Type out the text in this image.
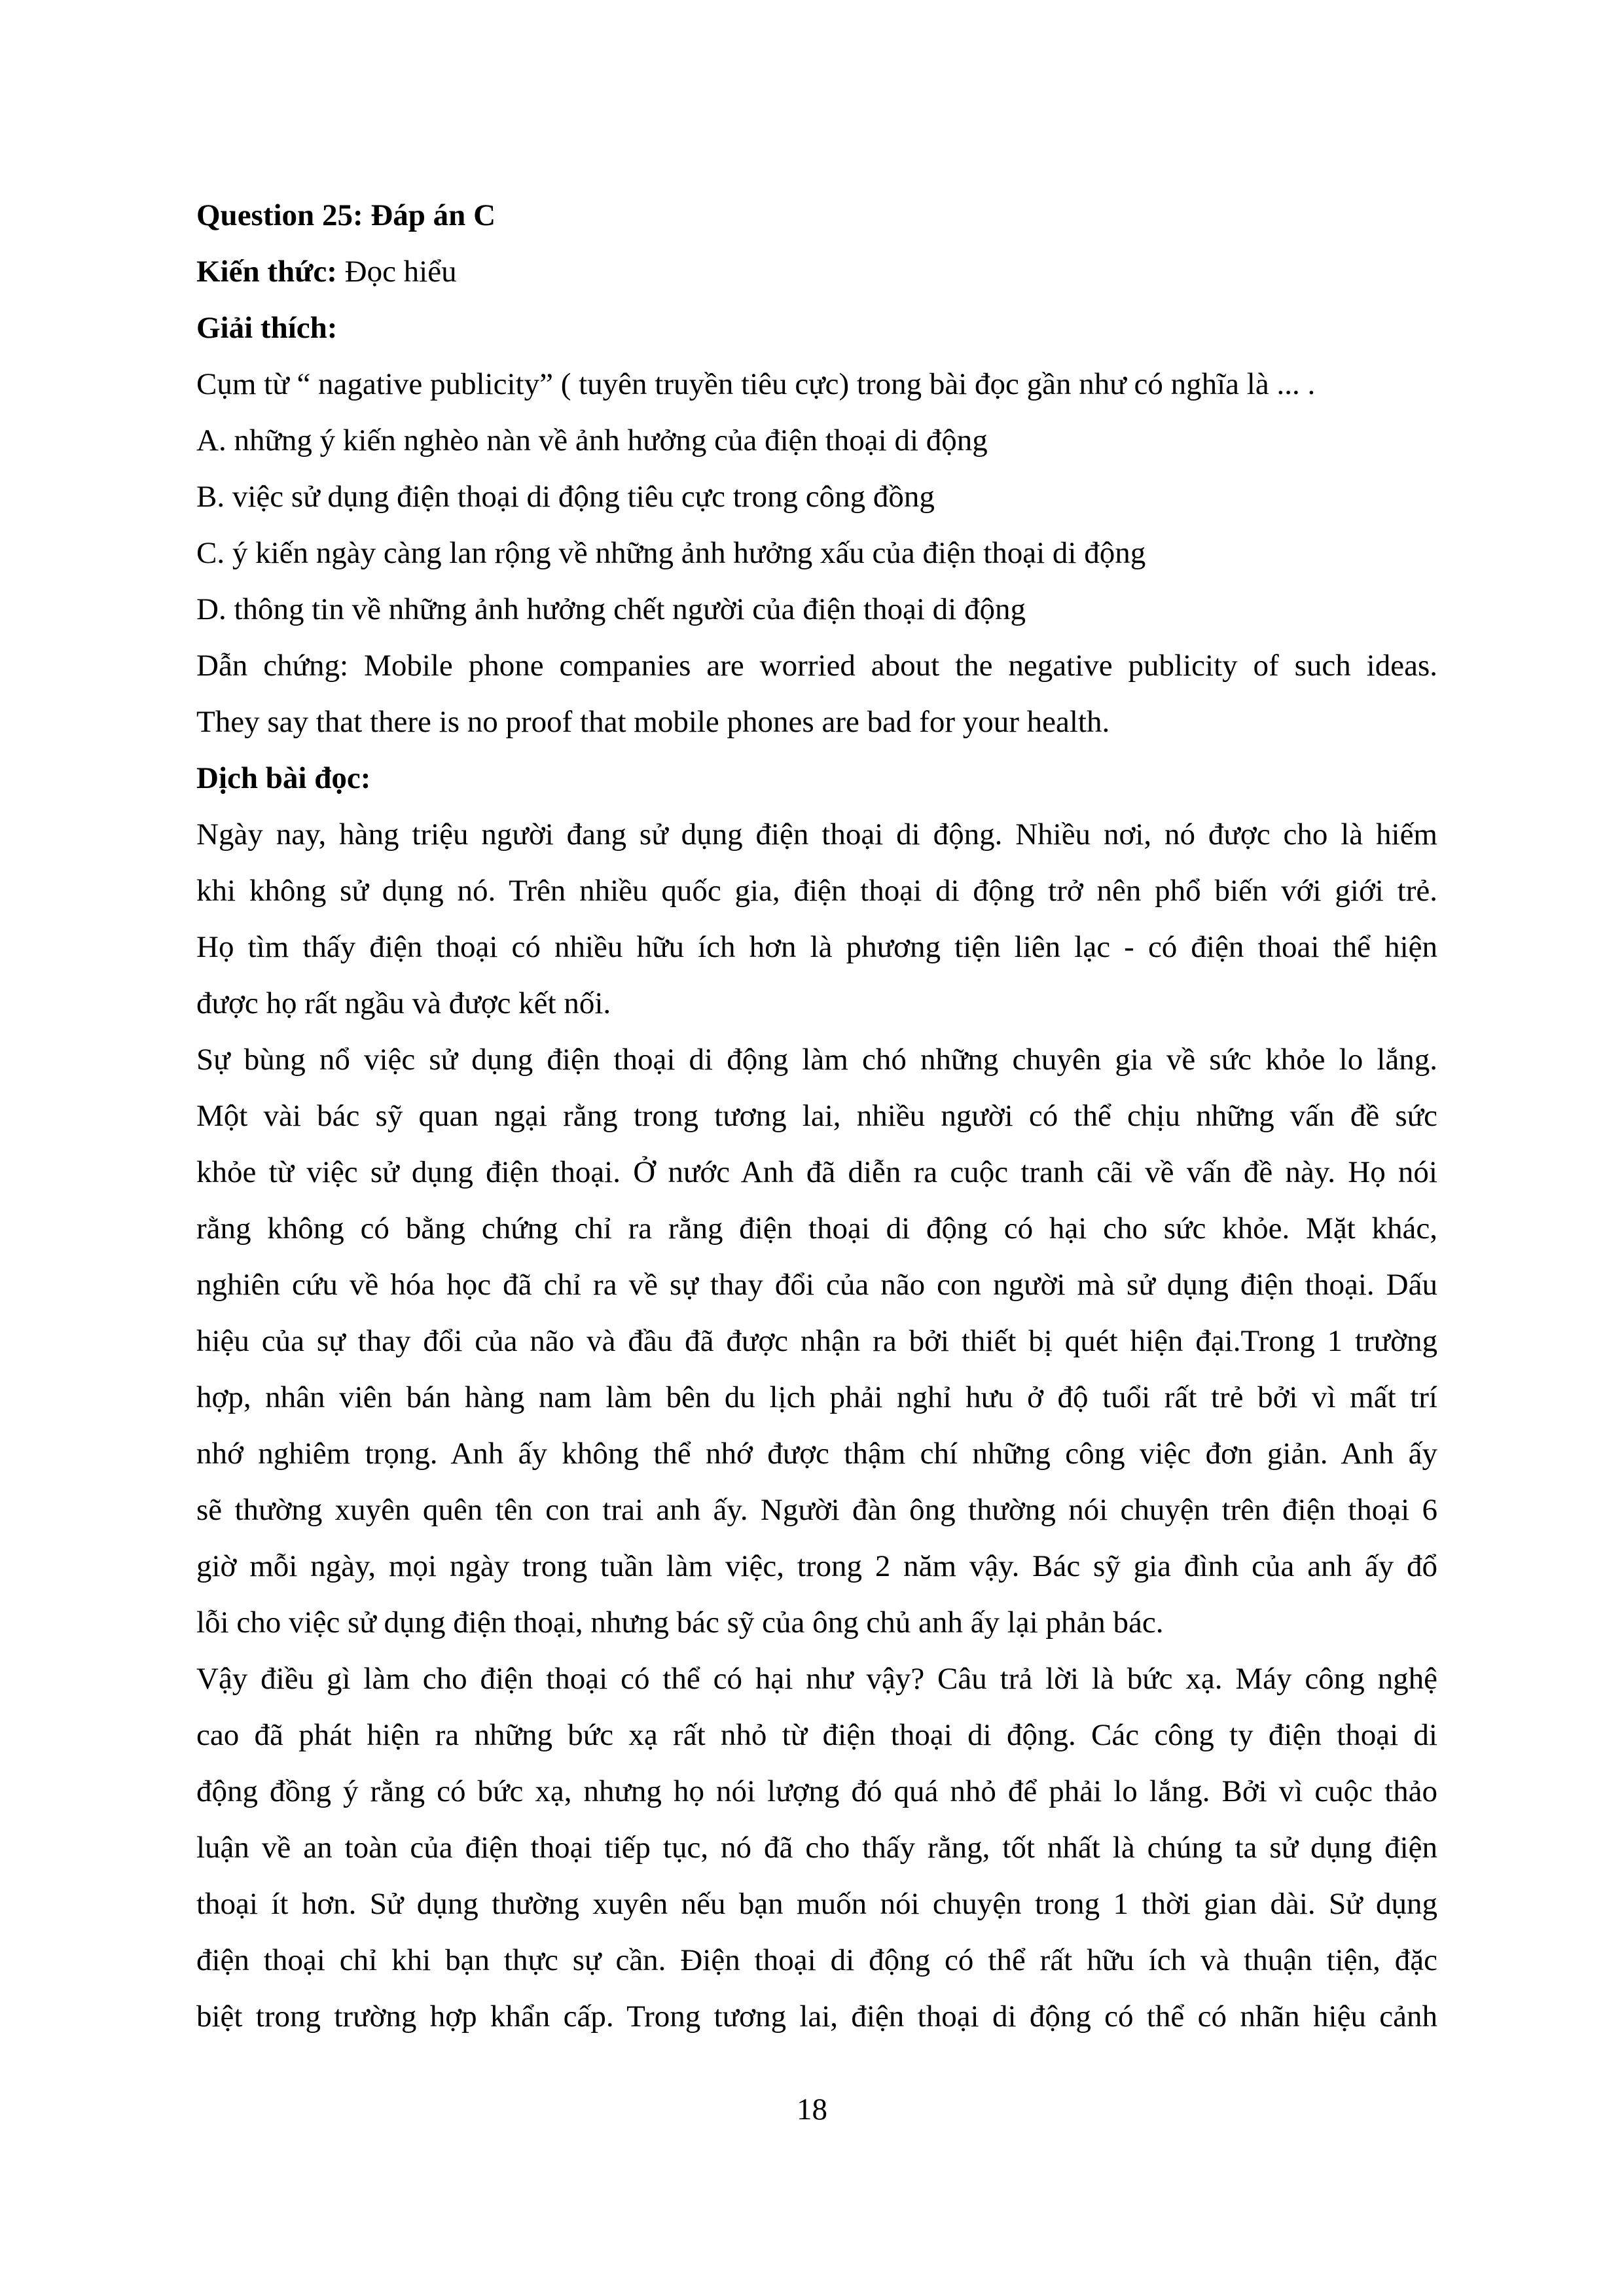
Question 25: Đáp án C
Kiến thức: Đọc hiểu
Giải thích:
Cụm từ “ nagative publicity” ( tuyên truyền tiêu cực) trong bài đọc gần như có nghĩa là ... .
A. những ý kiến nghèo nàn về ảnh hưởng của điện thoại di động
B. việc sử dụng điện thoại di động tiêu cực trong công đồng
C. ý kiến ngày càng lan rộng về những ảnh hưởng xấu của điện thoại di động
D. thông tin về những ảnh hưởng chết người của điện thoại di động
Dẫn chứng: Mobile phone companies are worried about the negative publicity of such ideas.
They say that there is no proof that mobile phones are bad for your health.
Dịch bài đọc:
Ngày nay, hàng triệu người đang sử dụng điện thoại di động. Nhiều nơi, nó được cho là hiếm
khi không sử dụng nó. Trên nhiều quốc gia, điện thoại di động trở nên phổ biến với giới trẻ.
Họ tìm thấy điện thoại có nhiều hữu ích hơn là phương tiện liên lạc - có điện thoai thể hiện
được họ rất ngầu và được kết nối.
Sự bùng nổ việc sử dụng điện thoại di động làm chó những chuyên gia về sức khỏe lo lắng.
Một vài bác sỹ quan ngại rằng trong tương lai, nhiều người có thể chịu những vấn đề sức
khỏe từ việc sử dụng điện thoại. Ở nước Anh đã diễn ra cuộc tranh cãi về vấn đề này. Họ nói
rằng không có bằng chứng chỉ ra rằng điện thoại di động có hại cho sức khỏe. Mặt khác,
nghiên cứu về hóa học đã chỉ ra về sự thay đổi của não con người mà sử dụng điện thoại. Dấu
hiệu của sự thay đổi của não và đầu đã được nhận ra bởi thiết bị quét hiện đại.Trong 1 trường
hợp, nhân viên bán hàng nam làm bên du lịch phải nghỉ hưu ở độ tuổi rất trẻ bởi vì mất trí
nhớ nghiêm trọng. Anh ấy không thể nhớ được thậm chí những công việc đơn giản. Anh ấy
sẽ thường xuyên quên tên con trai anh ấy. Người đàn ông thường nói chuyện trên điện thoại 6
giờ mỗi ngày, mọi ngày trong tuần làm việc, trong 2 năm vậy. Bác sỹ gia đình của anh ấy đổ
lỗi cho việc sử dụng điện thoại, nhưng bác sỹ của ông chủ anh ấy lại phản bác.
Vậy điều gì làm cho điện thoại có thể có hại như vậy? Câu trả lời là bức xạ. Máy công nghệ
cao đã phát hiện ra những bức xạ rất nhỏ từ điện thoại di động. Các công ty điện thoại di
động đồng ý rằng có bức xạ, nhưng họ nói lượng đó quá nhỏ để phải lo lắng. Bởi vì cuộc thảo
luận về an toàn của điện thoại tiếp tục, nó đã cho thấy rằng, tốt nhất là chúng ta sử dụng điện
thoại ít hơn. Sử dụng thường xuyên nếu bạn muốn nói chuyện trong 1 thời gian dài. Sử dụng
điện thoại chỉ khi bạn thực sự cần. Điện thoại di động có thể rất hữu ích và thuận tiện, đặc
biệt trong trường hợp khẩn cấp. Trong tương lai, điện thoại di động có thể có nhãn hiệu cảnh
18
